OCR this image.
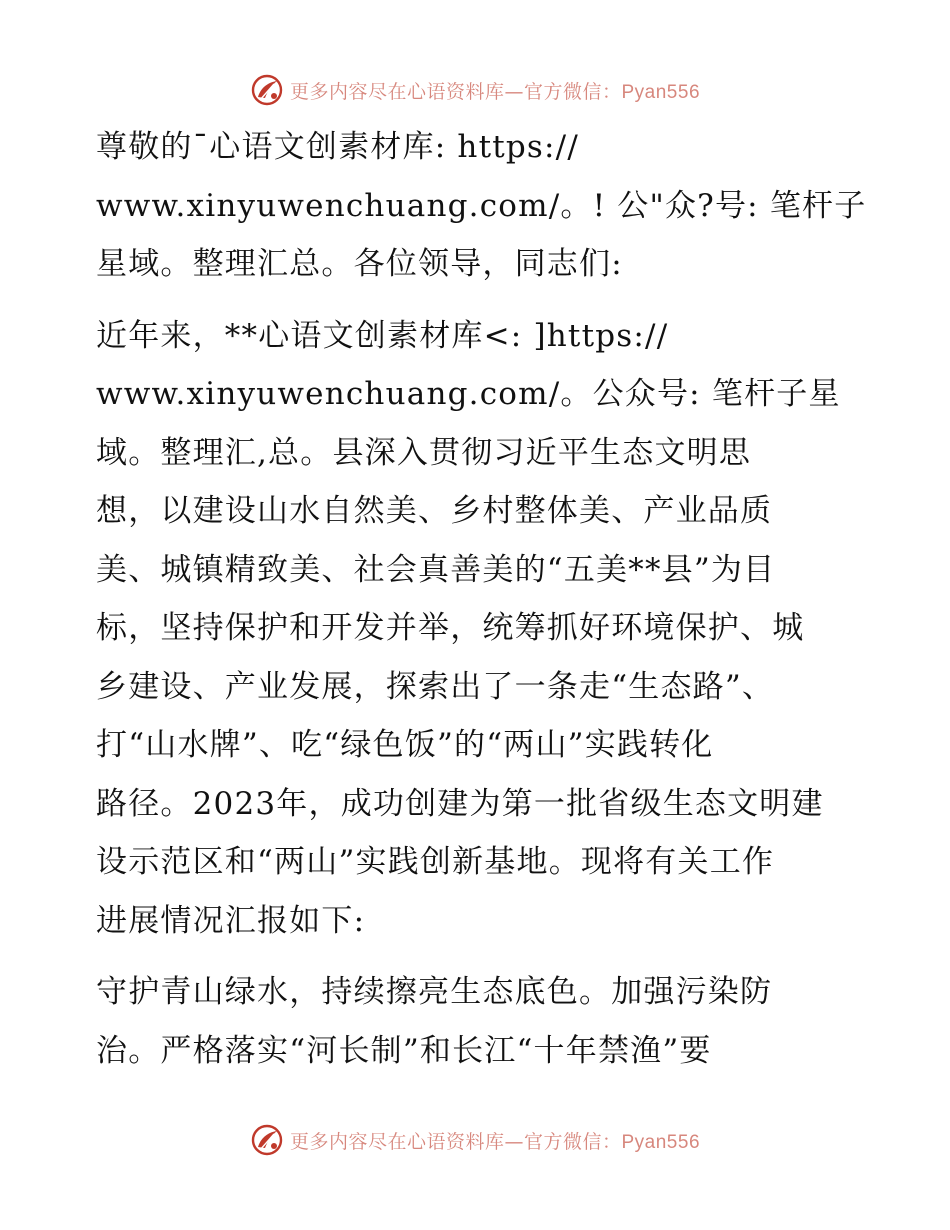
更多内容尽在心语资料库—官方微信：Pyan556
尊敬的¯心语文创素材库: https://
www.xinyuwenchuang.com/。! 公"众?号: 笔杆子
星域。整理汇总。各位领导，同志们:
近年来，**心语文创素材库<: ]https://
www.xinyuwenchuang.com/。公众号: 笔杆子星
域。整理汇,总。县深入贯彻习近平生态文明思
想，以建设山水自然美、乡村整体美、产业品质
美、城镇精致美、社会真善美的“五美**县”为目
标，坚持保护和开发并举，统筹抓好环境保护、城
乡建设、产业发展，探索出了一条走“生态路”、
打“山水牌”、吃“绿色饭”的“两山”实践转化
路径。2023年，成功创建为第一批省级生态文明建
设示范区和“两山”实践创新基地。现将有关工作
进展情况汇报如下:
守护青山绿水，持续擦亮生态底色。加强污染防
治。严格落实“河长制”和长江“十年禁渔”要
更多内容尽在心语资料库—官方微信：Pyan556
